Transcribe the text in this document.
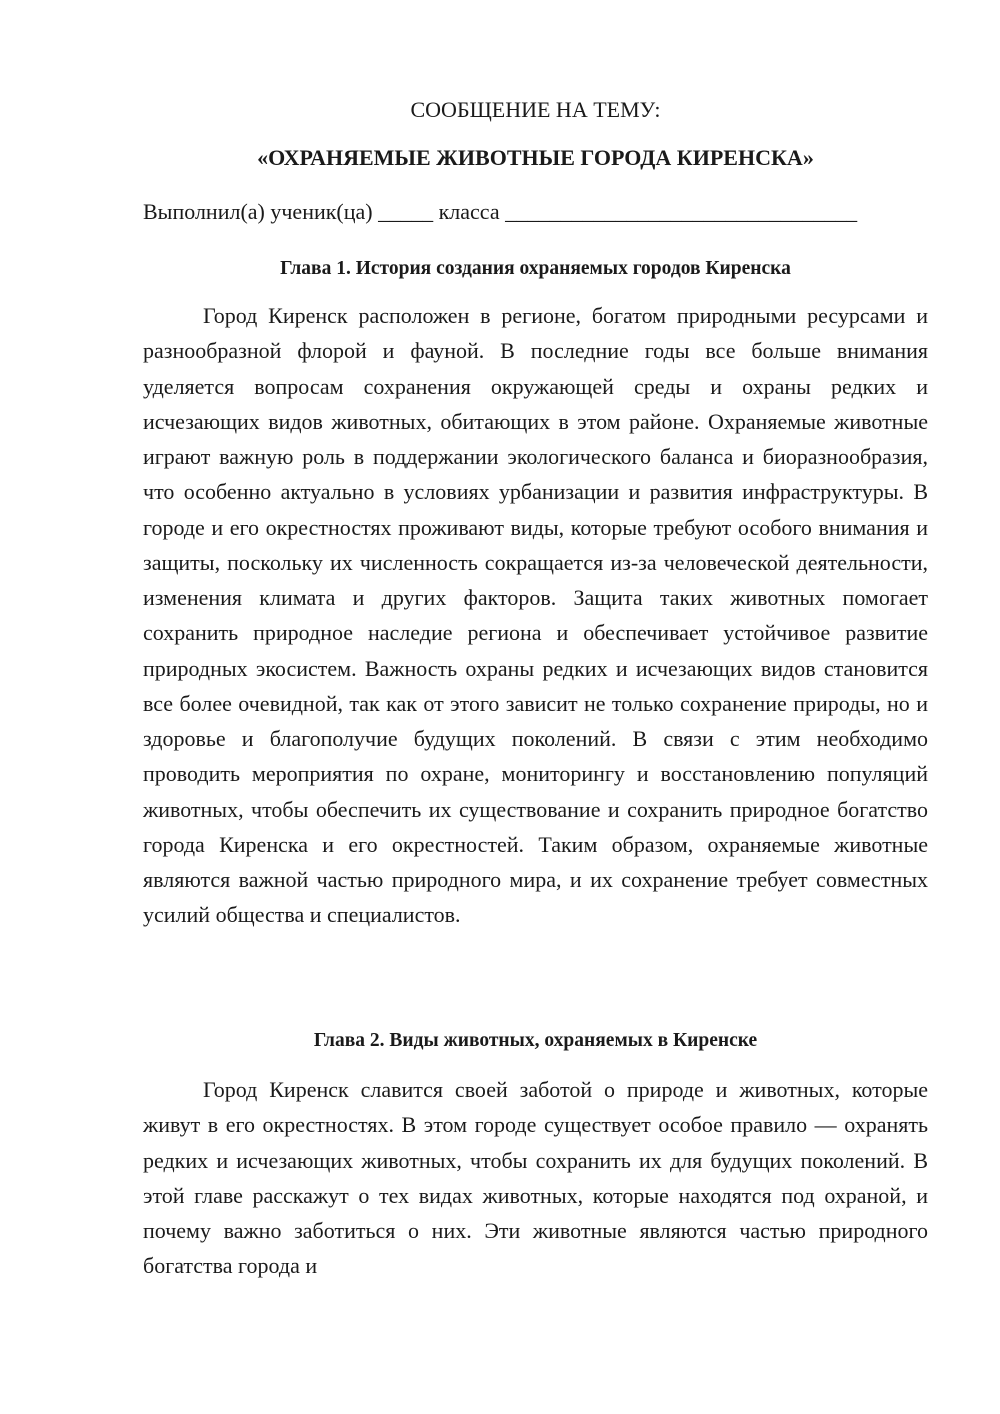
СООБЩЕНИЕ НА ТЕМУ:
«ОХРАНЯЕМЫЕ ЖИВОТНЫЕ ГОРОДА КИРЕНСКА»
Выполнил(а) ученик(ца) _____ класса ________________________________
Глава 1. История создания охраняемых городов Киренска

Город Киренск расположен в регионе, богатом природными ресурсами и разнообразной флорой и фауной. В последние годы все больше внимания уделяется вопросам сохранения окружающей среды и охраны редких и исчезающих видов животных, обитающих в этом районе. Охраняемые животные играют важную роль в поддержании экологического баланса и биоразнообразия, что особенно актуально в условиях урбанизации и развития инфраструктуры. В городе и его окрестностях проживают виды, которые требуют особого внимания и защиты, поскольку их численность сокращается из-за человеческой деятельности, изменения климата и других факторов. Защита таких животных помогает сохранить природное наследие региона и обеспечивает устойчивое развитие природных экосистем. Важность охраны редких и исчезающих видов становится все более очевидной, так как от этого зависит не только сохранение природы, но и здоровье и благополучие будущих поколений. В связи с этим необходимо проводить мероприятия по охране, мониторингу и восстановлению популяций животных, чтобы обеспечить их существование и сохранить природное богатство города Киренска и его окрестностей. Таким образом, охраняемые животные являются важной частью природного мира, и их сохранение требует совместных усилий общества и специалистов.

Глава 2. Виды животных, охраняемых в Киренске

Город Киренск славится своей заботой о природе и животных, которые живут в его окрестностях. В этом городе существует особое правило — охранять редких и исчезающих животных, чтобы сохранить их для будущих поколений. В этой главе расскажут о тех видах животных, которые находятся под охраной, и почему важно заботиться о них. Эти животные являются частью природного богатства города и
